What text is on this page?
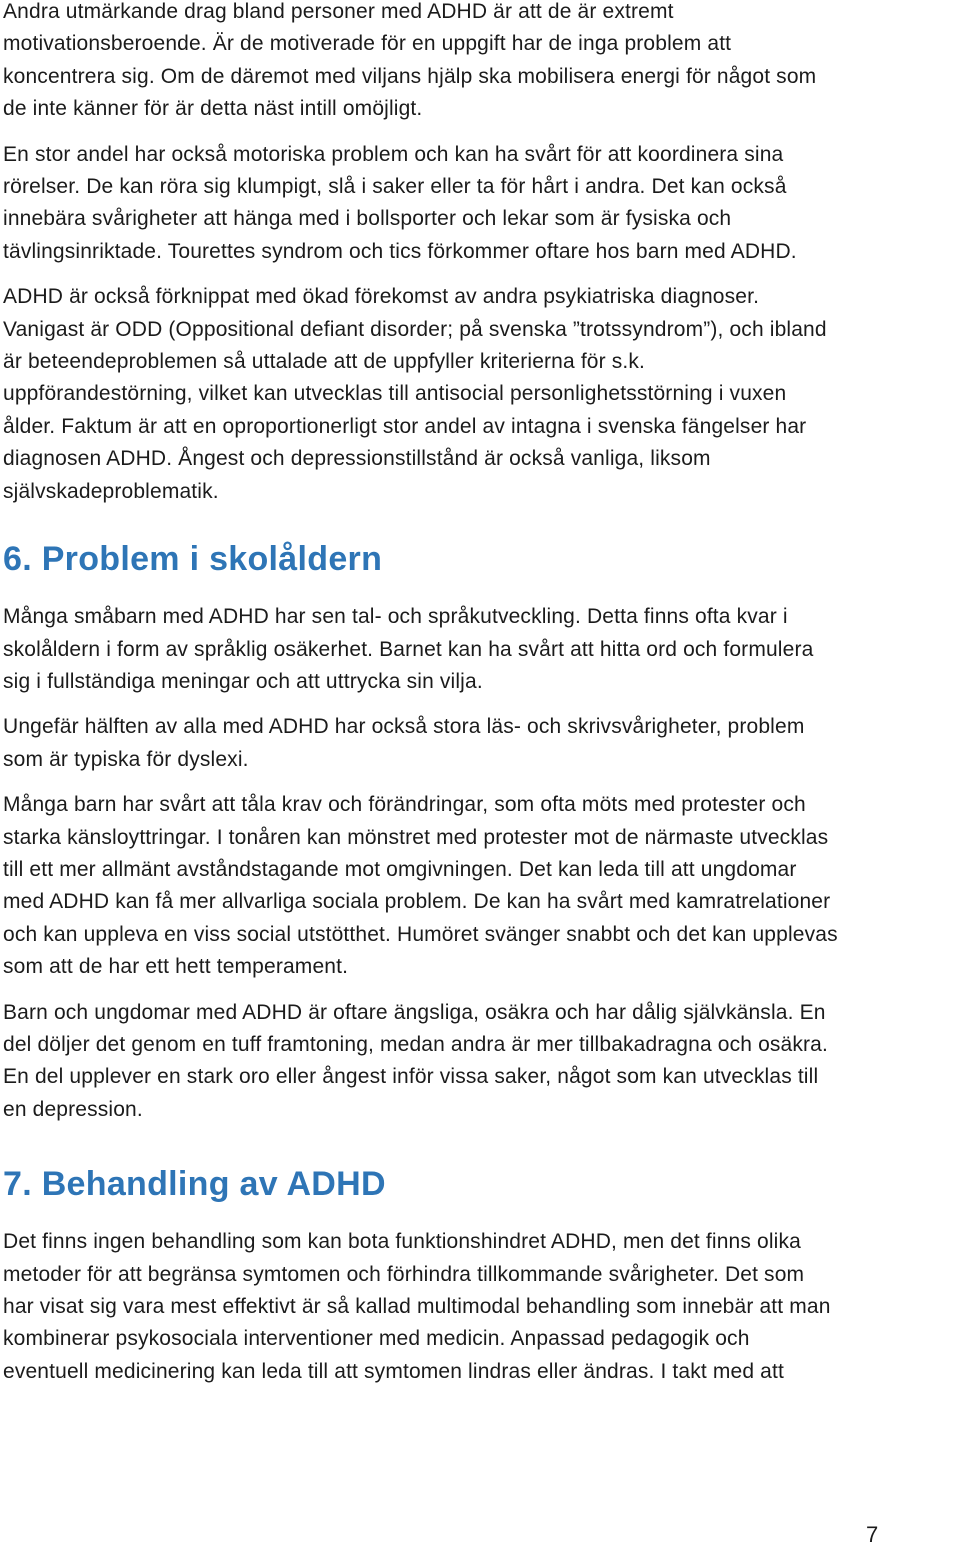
Andra utmärkande drag bland personer med ADHD är att de är extremt
motivationsberoende. Är de motiverade för en uppgift har de inga problem att
koncentrera sig. Om de däremot med viljans hjälp ska mobilisera energi för något som
de inte känner för är detta näst intill omöjligt.

En stor andel har också motoriska problem och kan ha svårt för att koordinera sina
rörelser. De kan röra sig klumpigt, slå i saker eller ta för hårt i andra. Det kan också
innebära svårigheter att hänga med i bollsporter och lekar som är fysiska och
tävlingsinriktade. Tourettes syndrom och tics förkommer oftare hos barn med ADHD.

ADHD är också förknippat med ökad förekomst av andra psykiatriska diagnoser.
Vanigast är ODD (Oppositional defiant disorder; på svenska ”trotssyndrom”), och ibland
är beteendeproblemen så uttalade att de uppfyller kriterierna för s.k.
uppförandestörning, vilket kan utvecklas till antisocial personlighetsstörning i vuxen
ålder. Faktum är att en oproportionerligt stor andel av intagna i svenska fängelser har
diagnosen ADHD. Ångest och depressionstillstånd är också vanliga, liksom
självskadeproblematik.

6. Problem i skolåldern

Många småbarn med ADHD har sen tal- och språkutveckling. Detta finns ofta kvar i
skolåldern i form av språklig osäkerhet. Barnet kan ha svårt att hitta ord och formulera
sig i fullständiga meningar och att uttrycka sin vilja.

Ungefär hälften av alla med ADHD har också stora läs- och skrivsvårigheter, problem
som är typiska för dyslexi.

Många barn har svårt att tåla krav och förändringar, som ofta möts med protester och
starka känsloyttringar. I tonåren kan mönstret med protester mot de närmaste utvecklas
till ett mer allmänt avståndstagande mot omgivningen. Det kan leda till att ungdomar
med ADHD kan få mer allvarliga sociala problem. De kan ha svårt med kamratrelationer
och kan uppleva en viss social utstötthet. Humöret svänger snabbt och det kan upplevas
som att de har ett hett temperament.

Barn och ungdomar med ADHD är oftare ängsliga, osäkra och har dålig självkänsla. En
del döljer det genom en tuff framtoning, medan andra är mer tillbakadragna och osäkra.
En del upplever en stark oro eller ångest inför vissa saker, något som kan utvecklas till
en depression.

7. Behandling av ADHD

Det finns ingen behandling som kan bota funktionshindret ADHD, men det finns olika
metoder för att begränsa symtomen och förhindra tillkommande svårigheter. Det som
har visat sig vara mest effektivt är så kallad multimodal behandling som innebär att man
kombinerar psykosociala interventioner med medicin. Anpassad pedagogik och
eventuell medicinering kan leda till att symtomen lindras eller ändras. I takt med att

7
